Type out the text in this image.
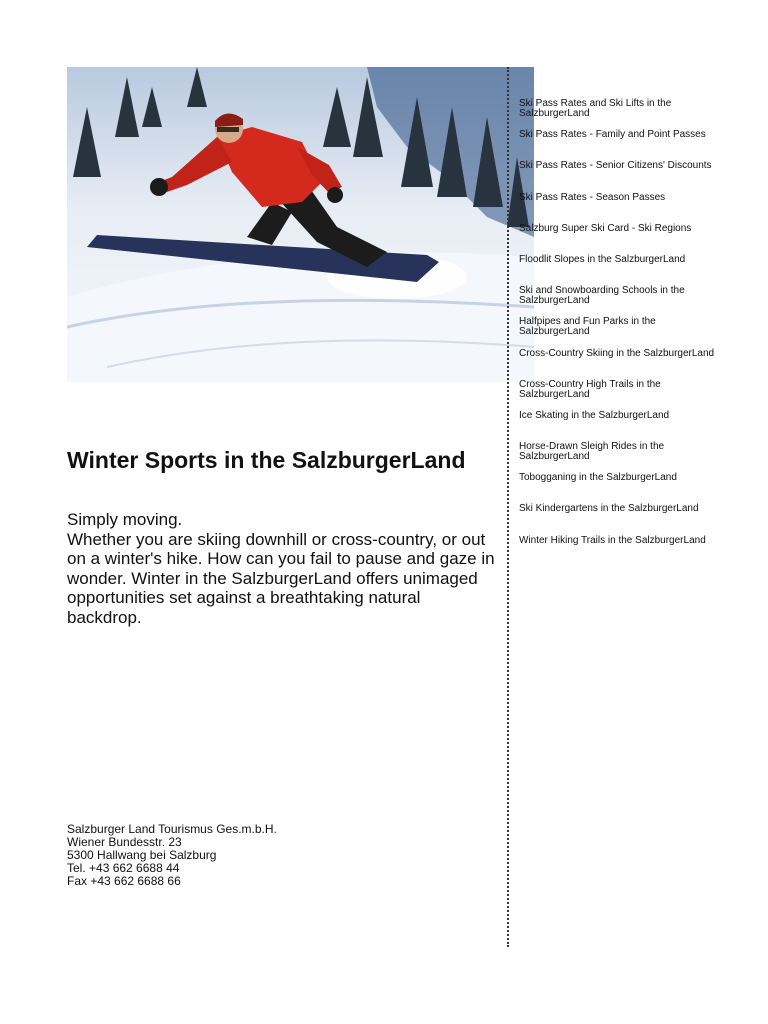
Winter Sports in the SalzburgerLand

Simply moving.

Whether you are skiing downhill or cross-country, or out on a winter's hike. How can you fail to pause and gaze in wonder. Winter in the SalzburgerLand offers unimaged opportunities set against a breathtaking natural backdrop.

Salzburger Land Tourismus Ges.m.b.H.
Wiener Bundesstr. 23
5300 Hallwang bei Salzburg
Tel. +43 662 6688 44
Fax +43 662 6688 66
Ski Pass Rates and Ski Lifts in the SalzburgerLand
Ski Pass Rates - Family and Point Passes
Ski Pass Rates - Senior Citizens' Discounts
Ski Pass Rates - Season Passes
Salzburg Super Ski Card - Ski Regions
Floodlit Slopes in the SalzburgerLand
Ski and Snowboarding Schools in the SalzburgerLand
Halfpipes and Fun Parks in the SalzburgerLand
Cross-Country Skiing in the SalzburgerLand
Cross-Country High Trails in the SalzburgerLand
Ice Skating in the SalzburgerLand
Horse-Drawn Sleigh Rides in the SalzburgerLand
Tobogganing in the SalzburgerLand
Ski Kindergartens in the SalzburgerLand
Winter Hiking Trails in the SalzburgerLand
